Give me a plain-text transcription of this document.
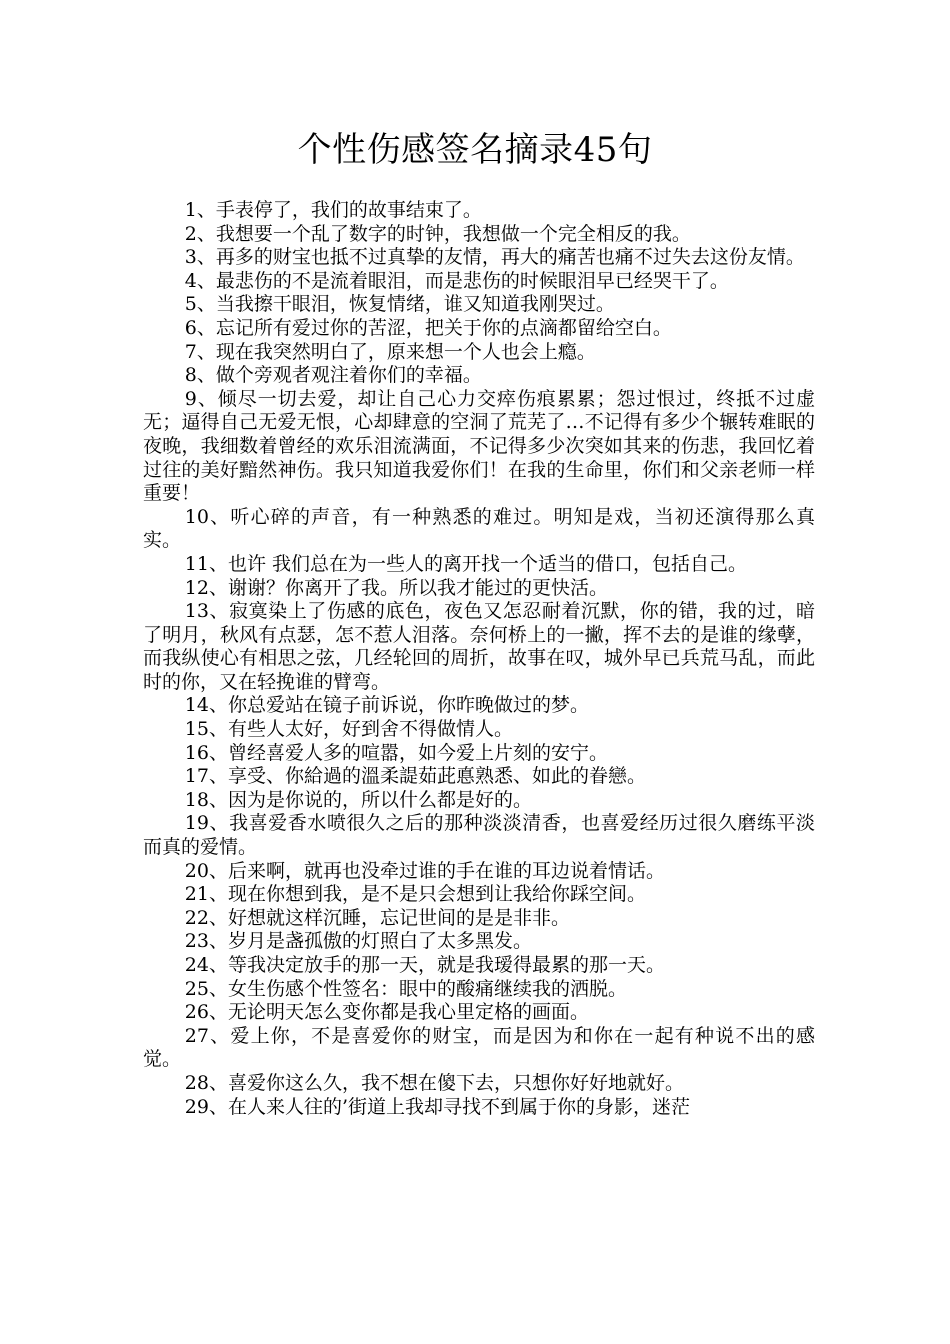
个性伤感签名摘录45句

1、手表停了，我们的故事结束了。

2、我想要一个乱了数字的时钟，我想做一个完全相反的我。

3、再多的财宝也抵不过真挚的友情，再大的痛苦也痛不过失去这份友情。

4、最悲伤的不是流着眼泪，而是悲伤的时候眼泪早已经哭干了。

5、当我擦干眼泪，恢复情绪，谁又知道我刚哭过。

6、忘记所有爱过你的苦涩，把关于你的点滴都留给空白。

7、现在我突然明白了，原来想一个人也会上瘾。

8、做个旁观者观注着你们的幸福。

9、倾尽一切去爱，却让自己心力交瘁伤痕累累；怨过恨过，终抵不过虚无；逼得自己无爱无恨，心却肆意的空洞了荒芜了…不记得有多少个辗转难眠的夜晚，我细数着曾经的欢乐泪流满面，不记得多少次突如其来的伤悲，我回忆着过往的美好黯然神伤。我只知道我爱你们！在我的生命里，你们和父亲老师一样重要！

10、听心碎的声音，有一种熟悉的难过。明知是戏，当初还演得那么真实。

11、也许 我们总在为一些人的离开找一个适当的借口，包括自己。

12、谢谢？你离开了我。所以我才能过的更快活。

13、寂寞染上了伤感的底色，夜色又怎忍耐着沉默，你的错，我的过，暗了明月，秋风有点瑟，怎不惹人泪落。奈何桥上的一撇，挥不去的是谁的缘孽，而我纵使心有相思之弦，几经轮回的周折，故事在叹，城外早已兵荒马乱，而此时的你，又在轻挽谁的臂弯。

14、你总爱站在镜子前诉说，你昨晚做过的梦。

15、有些人太好，好到舍不得做情人。

16、曾经喜爱人多的喧嚣，如今爱上片刻的安宁。

17、享受、你給過的溫柔諟茹茈悳熟悉、如此的眷戀。

18、因为是你说的，所以什么都是好的。

19、我喜爱香水喷很久之后的那种淡淡清香，也喜爱经历过很久磨练平淡而真的爱情。

20、后来啊，就再也没牵过谁的手在谁的耳边说着情话。

21、现在你想到我，是不是只会想到让我给你踩空间。

22、好想就这样沉睡，忘记世间的是是非非。

23、岁月是盏孤傲的灯照白了太多黑发。

24、等我决定放手的那一天，就是我瑷得最累的那一天。

25、女生伤感个性签名：眼中的酸痛继续我的洒脱。

26、无论明天怎么变你都是我心里定格的画面。

27、爱上你，不是喜爱你的财宝，而是因为和你在一起有种说不出的感觉。

28、喜爱你这么久，我不想在傻下去，只想你好好地就好。

29、在人来人往的’街道上我却寻找不到属于你的身影，迷茫
